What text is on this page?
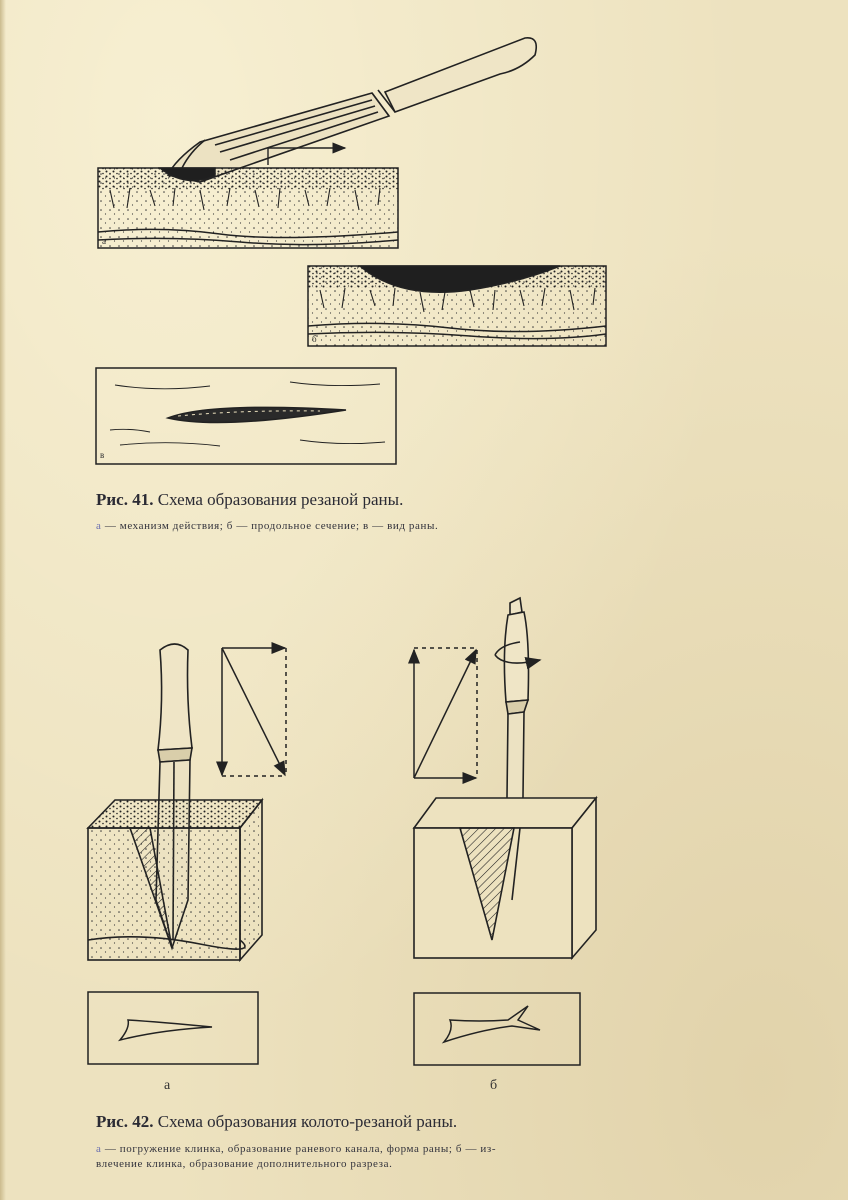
а
б
в
Рис. 41. Схема образования резаной раны.
а — механизм действия; б — продольное сечение; в — вид раны.
а	б
Рис. 42. Схема образования колото-резаной раны.
а — погружение клинка, образование раневого канала, форма раны; б — из-
влечение клинка, образование дополнительного разреза.
